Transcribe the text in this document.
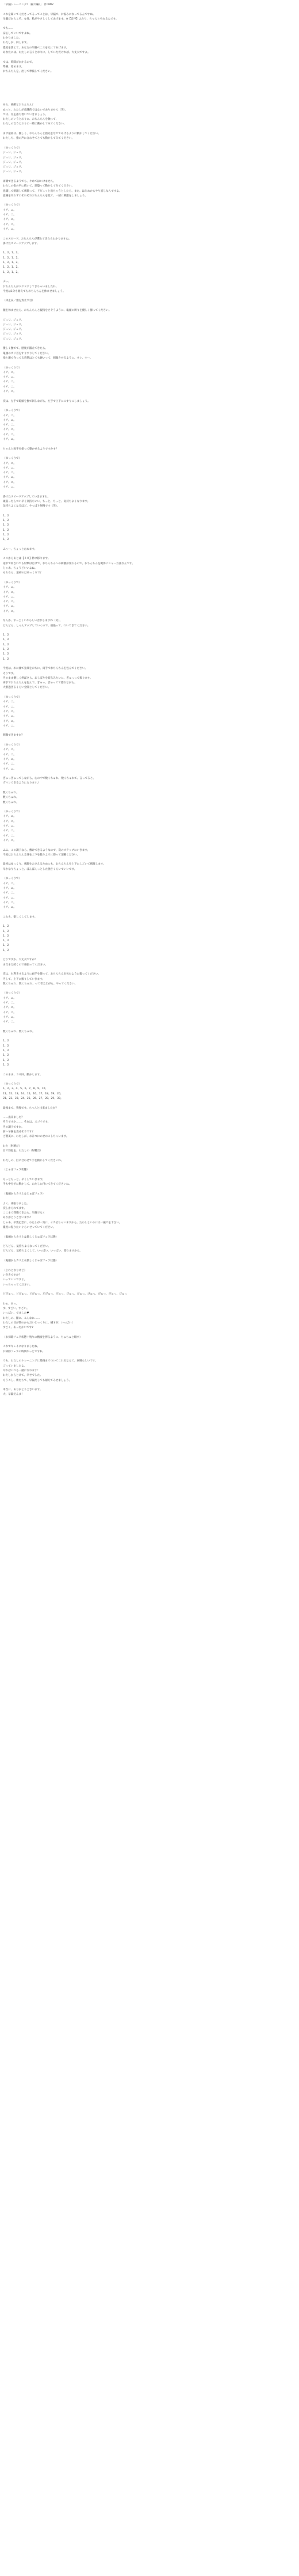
「早漏トレーニング♪（耐久編）」　作:NNV
これを聞いてくださってるってことは、早漏で、お悩みになってるんですね。
早漏だからこそ、女性、私がやさしくしてあげます。※【音声】ふたり、ちゃんとやれるんです。
でも……
安心していいですよね。
わかりました。
わたしが、回します。
濃度を落とて、あなたの早漏ペニスを元にてあげます。
あなたには、わたしの言うとおりに、していただければ、大丈夫ですよ。
では、時間がかかるので、
準備、始めます。
おちんちんを、出して準備してください。
あら、素敵なおちんちん♪
ぬっと、わたしが意識的ではないでありません（笑）。
では、気を落ち着いていきましょう。
わたしのいうとおりに、おちんちんを触って、
わたしの言うとおりに一緒に動かしてみてください。
まず最初は、優しく、おちんちんと指先をなでてあげるように動かしてください。
わたしも、指の声に合わせてとても動かしてみてください。
（ゆっくりで）
ジュリ、ジュリ。
ジュリ、ジュリ。
ジュリ、ジュリ。
ジュリ、ジュリ。
ジュリ、ジュリ。
両側できるようでも、やめてはいけません。
わたしの指の声に続いて、建築って動かしてみてください。
意識して刺激して刺激って、ドビュッと出ちゃうとしたら、また、はじめからやり直しなんですよ。
意識を失わずにそれぞれおちんちんを見て、一緒に刺激をしましょう。
（ゆっくりで）
イチ、ニ。
イチ、ニ。
イチ、ニ。
イチ、ニ。
イチ、ニ。
このスピード、おちんちんが慣れてきたらわかりますね。
掛けたスピードアップします。
1、2、1、2。
1、2、1、2。
1、2、1、2。
1、2、1、2。
1、2、1、2。
ぶっ。
おちんちんがドクドクしてきちゃいましたね。
今度は1分も耐えてもおちんちんを休ませましょう。
（休止＆／強を負えず目）
顔を休ませたら、おちんちんと親指をさそうように、亀頭の周りを優しく擦ってください。
ジュリ、ジュリ。
ジュリ、ジュリ。
ジュリ、ジュリ。
ジュリ、ジュリ。
ジュリ、ジュリ。
優しく撫でて、感度が鍛えてきたら、
亀頭のカリ首をすりすりしてください。
指と親で作ってる背筋はとても硬いって、刺激させるように、すぐ、すー。
（ゆっくりで）
イチ、ニ。
イチ、ニ。
イチ、ニ。
イチ、ニ。
イチ、ニ。
次は、左手で亀頭を撫で回しながら、左手で上下にこすりこしましょう。
（ゆっくりで）
イチ、ニ。
イチ、ニ。
イチ、ニ。
イチ、ニ。
イチ、ニ。
イチ、ニ。
ちゃんと両手を使って動かせるようですかす？
（ゆっくりで）
イチ、ニ。
イチ、ニ。
イチ、ニ。
イチ、ニ。
イチ、ニ。
イチ、ニ。
掛けたスピードアップしていきますね。
頑張ったらつい早く気持ちいい、ちっと、ちっと、気持ちよくなります。
気持ちよくなるほど、やっぱり射精です（笑）。
1、2
1、2
1、2
1、2
1、2
1、2
ふぅー、ちょっとためます。
ここからあとは【３０】秒に移ります。
途中で何されても射撃はだけで、おちんちんへの刺激が変わるので、おちんちんを絶体にシャー方法なんです。
じゃあ、ちょうどいいよね。
もちろん、最初のはゆっくりで♪
（ゆっくりで）
イチ、ニ。
イチ、ニ。
イチ、ニ。
イチ、ニ。
イチ、ニ。
イチ、ニ。
なんか、すっごくいやらしい音がしますね（笑）。
どんどん、しゃんアップしていくので、頑張って、ついてきてください。
1、2
1、2
1、2
1、2
1、2
1、2
今度は、おに頭て先端をおちに、両手でおちんちんを包んでください。
そうです。
そのまま優しく伸ばさら、おしぼりを絞るみたいに、ぎゅっって擦ります。
両手でおちんちんを包んで、ぎゅっ、ぎゅってて擦りながら、
大胆過ぎるくらい全開としてください。
（ゆっくりで）
イチ、ニ。
イチ、ニ。
イチ、ニ。
イチ、ニ。
イチ、ニ。
イチ、ニ。
刺激できますか？
（ゆっくりで）
イチ、ニ。
イチ、ニ。
イチ、ニ。
イチ、ニ。
イチ、ニ。
ぎゅっぎゅってしながら、心の中で数くちゅれ、数くちゅれて、言ってると、
ガマンできるようになります♪
数くちゅれ。
数くちゅれ。
数くちゅれ。
（ゆっくりで）
イチ、ニ。
イチ、ニ。
イチ、ニ。
イチ、ニ。
イチ、ニ。
イチ、ニ。
ふふ、この調子なら、敷けできるようなので、次のステップにいきます。
今度はおちんちん全体を上下を扱うように擦って頂戴ください。
最初はゆっくり、刺激をおさえるためにも、おちんちんを上下にしごいて刺激します。
早かなりちょっと、ぼんぼんっとした強さくらいでいいです。
（ゆっくりで）
イチ、ニ。
イチ、ニ。
イチ、ニ。
イチ、ニ。
イチ、ニ。
イチ、ニ。
これも、楽しくしてします。
1、2
1、2
1、2
1、2
1、2
1、2
どうですか、大丈夫ですか？
まだまだ続くので頑張ってください。
次は、右利きするように両手を使って、おちんちんを包むように扱ってください。
そして、上下に擦りしていきます。
数くちゅれ、数くちゅれ、って考えながら、やってください。
（ゆっくりで）
イチ、ニ。
イチ、ニ。
イチ、ニ。
イチ、ニ。
イチ、ニ。
イチ、ニ。
数くちゅれ、数くちゅれ。
1、2
1、2
1、2
1、2
1、2
1、2
このまま、３０回、動かします。
（ゆっくりで）
1、2、3、4、5、6、7、8、9、10、
11、12、13、14、15、16、17、18、19、20、
21、22、23、24、25、26、27、28、29、30。
最後まで、我慢です。ちゃんと出来ましたか？
……出来ました？
そうですか……、それは、スゴイです。
その調子ですか。
前～早漏を直せそうです♪
ご褒美に、わたしが、おひつにのせのこしちゃいます。
わた（射精だ）
目で勃起を、わたしの（射精だ）
わたしの、目に合わせて手を動かしてくださいね。
（じゅぼフェラ状態）
もっともっと、早くしていきます。
手も中をずに動かして、わたしに付いてきてくださいね。
（亀頭からカリ上＆じゅぼフェラ）
よく、頑張りました。
次しかられてます。
ここまで我慢できたら、早漏でなく
ありがとうございます♪
じゃあ、卒業記念に、わたしが一気に、イカせちゃいますから。たわしというには一振でを下さい。
濃度に振りたいぐらいせっていてください。
（亀頭からカリ上＆激しくじゅぼフェラ状態）
どんどん、気持ちよくなってください。
どんどん、気持ちよくして、いっぱい、いっぱい、擦りますから。
（亀頭からカリ上＆激しくじゅぼフェラ状態）
（じわとなりけど）
いききですか？
いっていいですよ。
いっちゃってください。
どぴゅっ、どぴゅっ、どぴゅっ、どぴゅっ、ぴゅっ、ぴゅっ、ぴゅっ、ぴゅっ、ぴゅっ、ぴゅっ、ぴゅっ
わぁ、あっ。
す、すごい、すごい。
いっぱい、でました♥
わたしの、顔に、こんなに……
わたしの目が間のからだいじっくりに、構すが、いっぱい♪
すごく、あったかいです♪
（お掃除フェラ状態＋残りの精液を搾るように、ちゅちゅと啜す）
これでキレイになりましたね。
お掃除フェラの時間やっとですね。
でも、わたしのトレーニングに最後までついてこれるなんて、素晴らしいです。
ごっていましたよ。
やればいつも一緒になれます！
わたしからとけて、幸せでした。
もうこし、新たちて、早漏だしても耐えてみせましょう。
本当に、ありがとうございます。
大、早漏だんま！
